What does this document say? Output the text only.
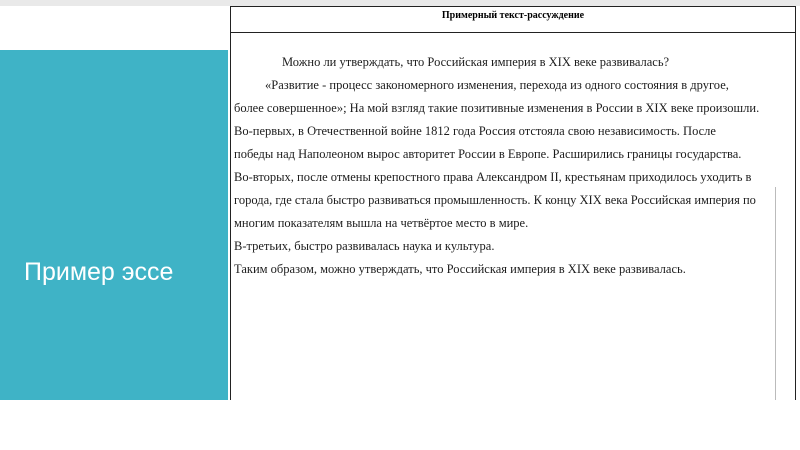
Пример эссе
Примерный текст-рассуждение

Можно ли утверждать, что Российская империя в XIX веке развивалась?

«Развитие - процесс закономерного изменения, перехода из одного состояния в другое,

более совершенное»; На мой взгляд такие позитивные изменения в России в XIX веке произошли.

Во-первых, в Отечественной войне 1812 года Россия отстояла свою независимость. После

победы над Наполеоном вырос авторитет России в Европе. Расширились границы государства.

Во-вторых, после отмены крепостного права Александром II, крестьянам приходилось уходить в

города, где стала быстро развиваться промышленность. К концу XIX века Российская империя по

многим показателям вышла на четвёртое место в мире.

В-третьих, быстро развивалась наука и культура.

Таким образом, можно утверждать, что Российская империя в XIX веке развивалась.
